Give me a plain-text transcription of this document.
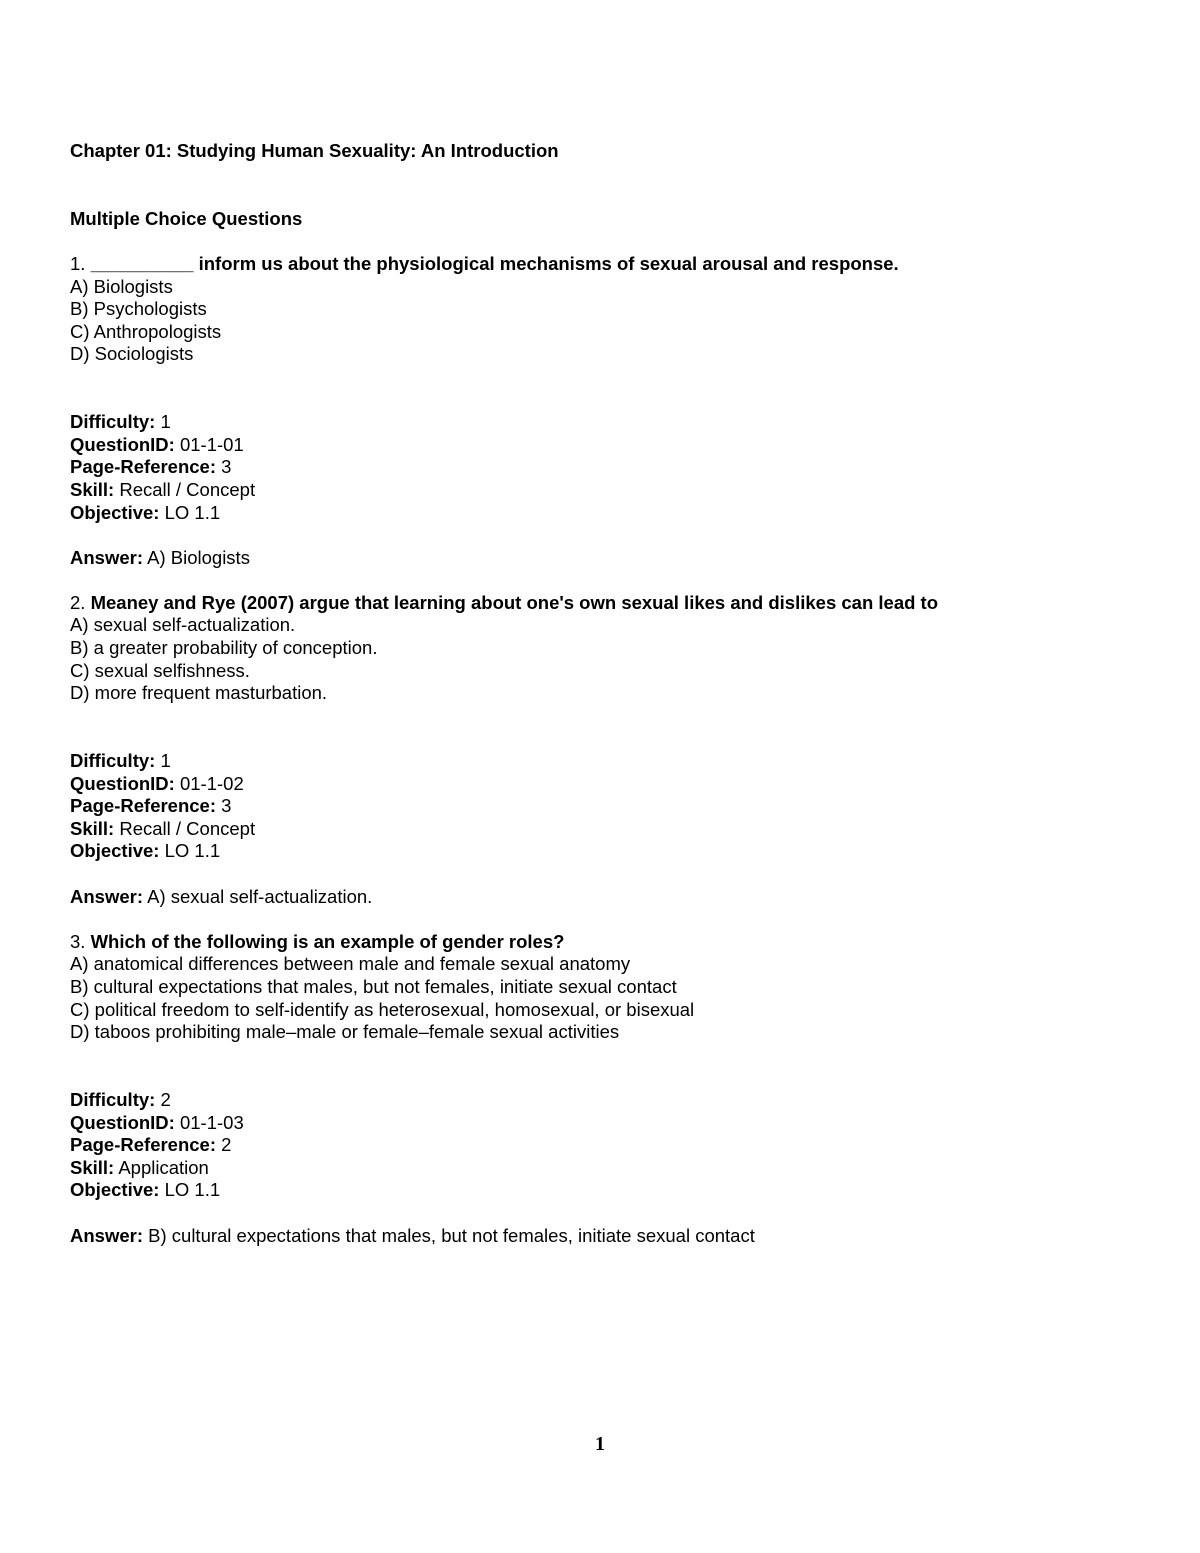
Chapter 01: Studying Human Sexuality: An Introduction
Multiple Choice Questions
1. __________ inform us about the physiological mechanisms of sexual arousal and response.
A) Biologists
B) Psychologists
C) Anthropologists
D) Sociologists
Difficulty: 1
QuestionID: 01-1-01
Page-Reference: 3
Skill: Recall / Concept
Objective: LO 1.1
Answer: A) Biologists
2. Meaney and Rye (2007) argue that learning about one's own sexual likes and dislikes can lead to
A) sexual self-actualization.
B) a greater probability of conception.
C) sexual selfishness.
D) more frequent masturbation.
Difficulty: 1
QuestionID: 01-1-02
Page-Reference: 3
Skill: Recall / Concept
Objective: LO 1.1
Answer: A) sexual self-actualization.
3. Which of the following is an example of gender roles?
A) anatomical differences between male and female sexual anatomy
B) cultural expectations that males, but not females, initiate sexual contact
C) political freedom to self-identify as heterosexual, homosexual, or bisexual
D) taboos prohibiting male–male or female–female sexual activities
Difficulty: 2
QuestionID: 01-1-03
Page-Reference: 2
Skill: Application
Objective: LO 1.1
Answer: B) cultural expectations that males, but not females, initiate sexual contact
1
